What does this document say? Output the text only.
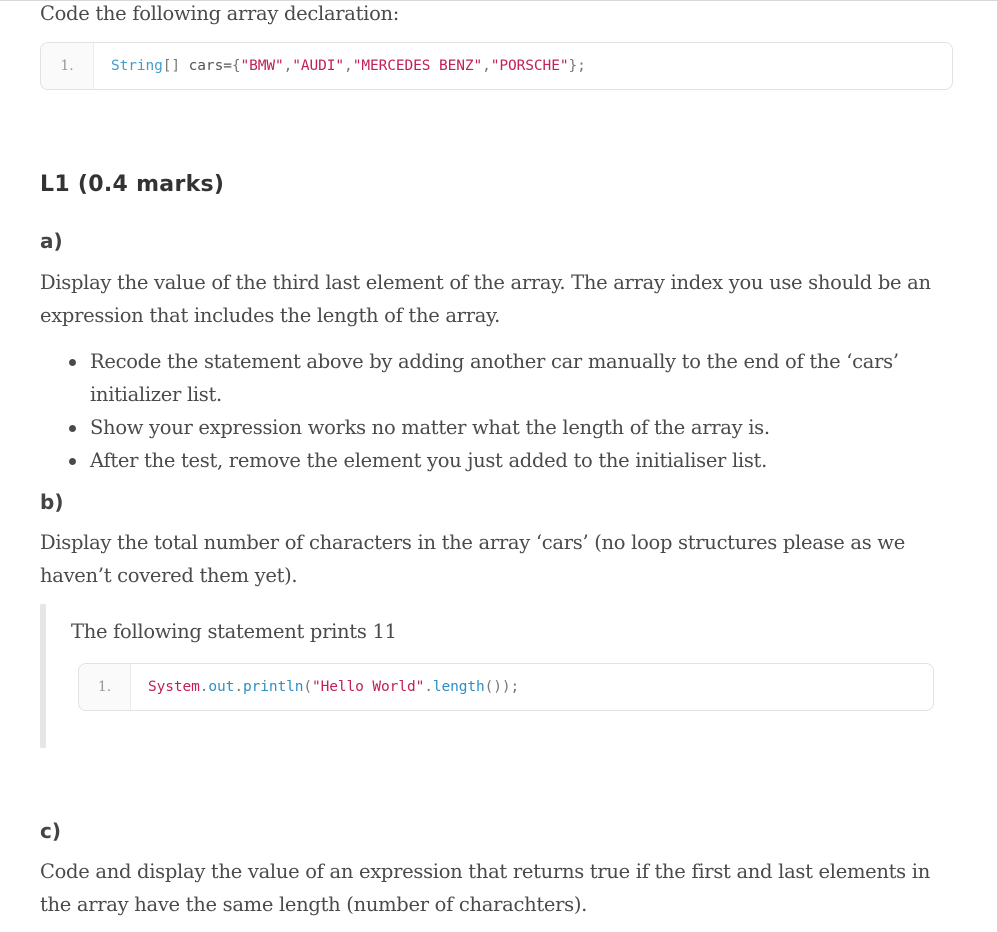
Code the following array declaration:

1.	String[] cars={"BMW","AUDI","MERCEDES BENZ","PORSCHE"};
L1 (0.4 marks)
a)

Display the value of the third last element of the array. The array index you use should be an expression that includes the length of the array.

Recode the statement above by adding another car manually to the end of the ‘cars’ initializer list.
Show your expression works no matter what the length of the array is.
After the test, remove the element you just added to the initialiser list.
b)

Display the total number of characters in the array ‘cars’ (no loop structures please as we haven’t covered them yet).

The following statement prints 11

1.	System.out.println("Hello World".length());
c)

Code and display the value of an expression that returns true if the first and last elements in the array have the same length (number of charachters).
